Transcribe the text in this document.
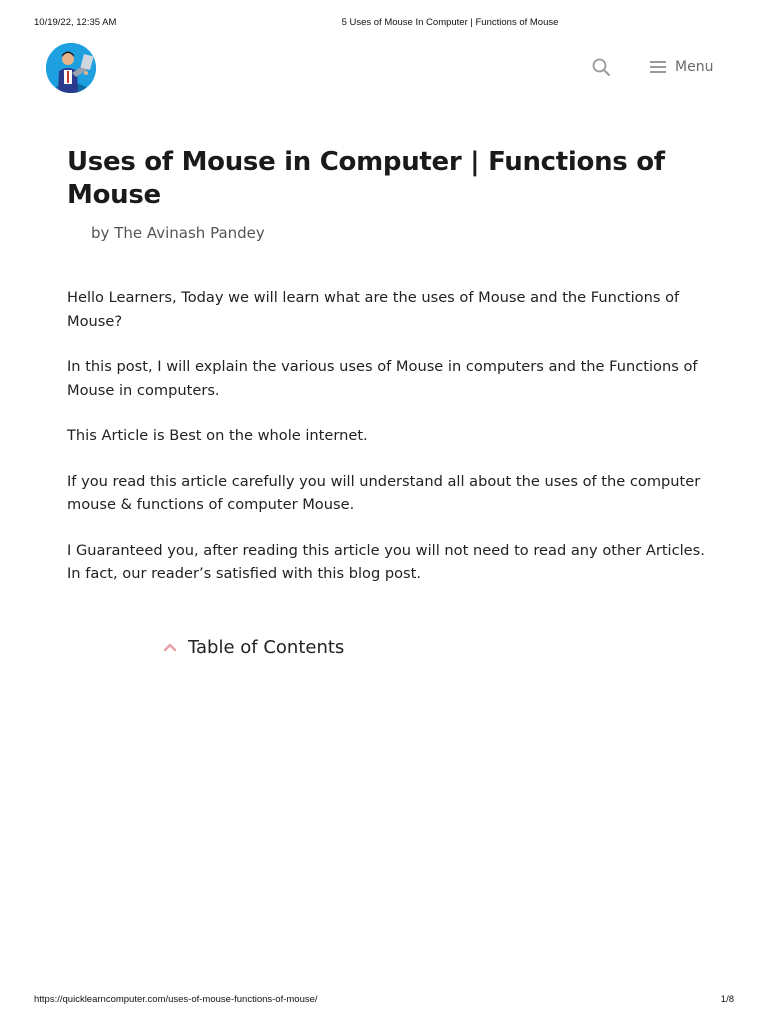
10/19/22, 12:35 AM	5 Uses of Mouse In Computer | Functions of Mouse
Menu
Uses of Mouse in Computer | Functions of Mouse
by The Avinash Pandey

Hello Learners, Today we will learn what are the uses of Mouse and the Functions of Mouse?

In this post, I will explain the various uses of Mouse in computers and the Functions of Mouse in computers.

This Article is Best on the whole internet.

If you read this article carefully you will understand all about the uses of the computer mouse & functions of computer Mouse.

I Guaranteed you, after reading this article you will not need to read any other Articles. In fact, our reader’s satisfied with this blog post.

Table of Contents
https://quicklearncomputer.com/uses-of-mouse-functions-of-mouse/	1/8
